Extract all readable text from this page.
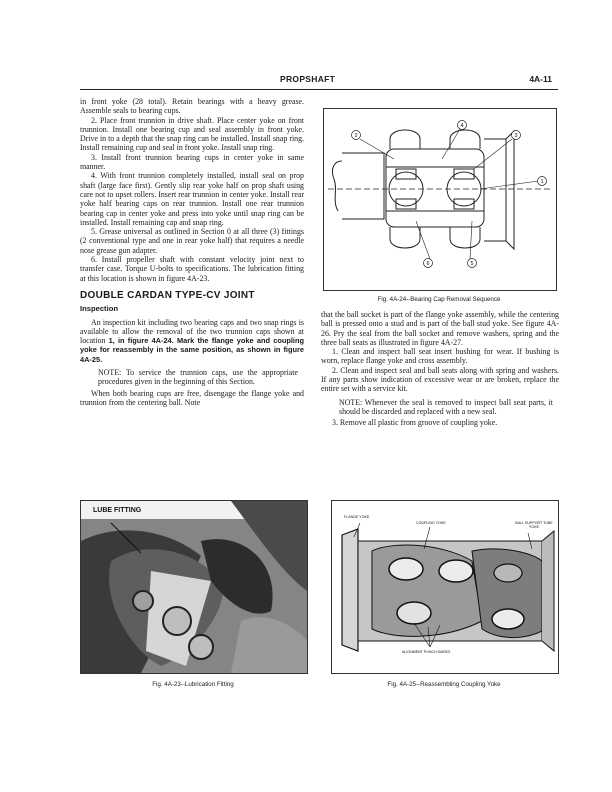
PROPSHAFT	4A-11

in front yoke (28 total). Retain bearings with a heavy grease. Assemble seals to bearing cups.

2. Place front trunnion in drive shaft. Place center yoke on front trunnion. Install one bearing cup and seal assembly in front yoke. Drive in to a depth that the snap ring can be installed. Install snap ring. Install remaining cup and seal in front yoke. Install snap ring.

3. Install front trunnion bearing cups in center yoke in same manner.

4. With front trunnion completely installed, install seal on prop shaft (large face first). Gently slip rear yoke half on prop shaft using care not to upset rollers. Insert rear trunnion in center yoke. Install rear yoke half bearing caps on rear trunnion. Install one rear trunnion bearing cap in center yoke and press into yoke until snap ring can be installed. Install remaining cap and snap ring.

5. Grease universal as outlined in Section 0 at all three (3) fittings (2 conventional type and one in rear yoke half) that requires a needle nose grease gun adapter.

6. Install propeller shaft with constant velocity joint next to transfer case. Torque U-bolts to specifications. The lubrication fitting at this location is shown in figure 4A-23.

DOUBLE CARDAN TYPE-CV JOINT
Inspection

An inspection kit including two bearing caps and two snap rings is available to allow the removal of the two trunnion caps shown at location 1, in figure 4A-24. Mark the flange yoke and coupling yoke for reassembly in the same position, as shown in figure 4A-25.

NOTE: To service the trunnion caps, use the appropriate procedures given in the beginning of this Section.

When both bearing cups are free, disengage the flange yoke and trunnion from the centering ball. Note

2
4
3
1
6	5
Fig. 4A-24--Bearing Cap Removal Sequence

that the ball socket is part of the flange yoke assembly, while the centering ball is pressed onto a stud and is part of the ball stud yoke. See figure 4A-26. Pry the seal from the ball socket and remove washers, spring and the three ball seats as illustrated in figure 4A-27.

1. Clean and inspect ball seat insert bushing for wear. If bushing is worn, replace flange yoke and cross assembly.

2. Clean and inspect seal and ball seats along with spring and washers. If any parts show indication of excessive wear or are broken, replace the entire set with a service kit.

NOTE: Whenever the seal is removed to inspect ball seat parts, it should be discarded and replaced with a new seal.

3. Remove all plastic from groove of coupling yoke.

LUBE FITTING
Fig. 4A-23--Lubrication Fitting
FLANGE YOKE
COUPLING YOKE	BALL SUPPORT TUBE YOKE
ALIGNMENT PUNCH MARKS
Fig. 4A-25--Reassembling Coupling Yoke
